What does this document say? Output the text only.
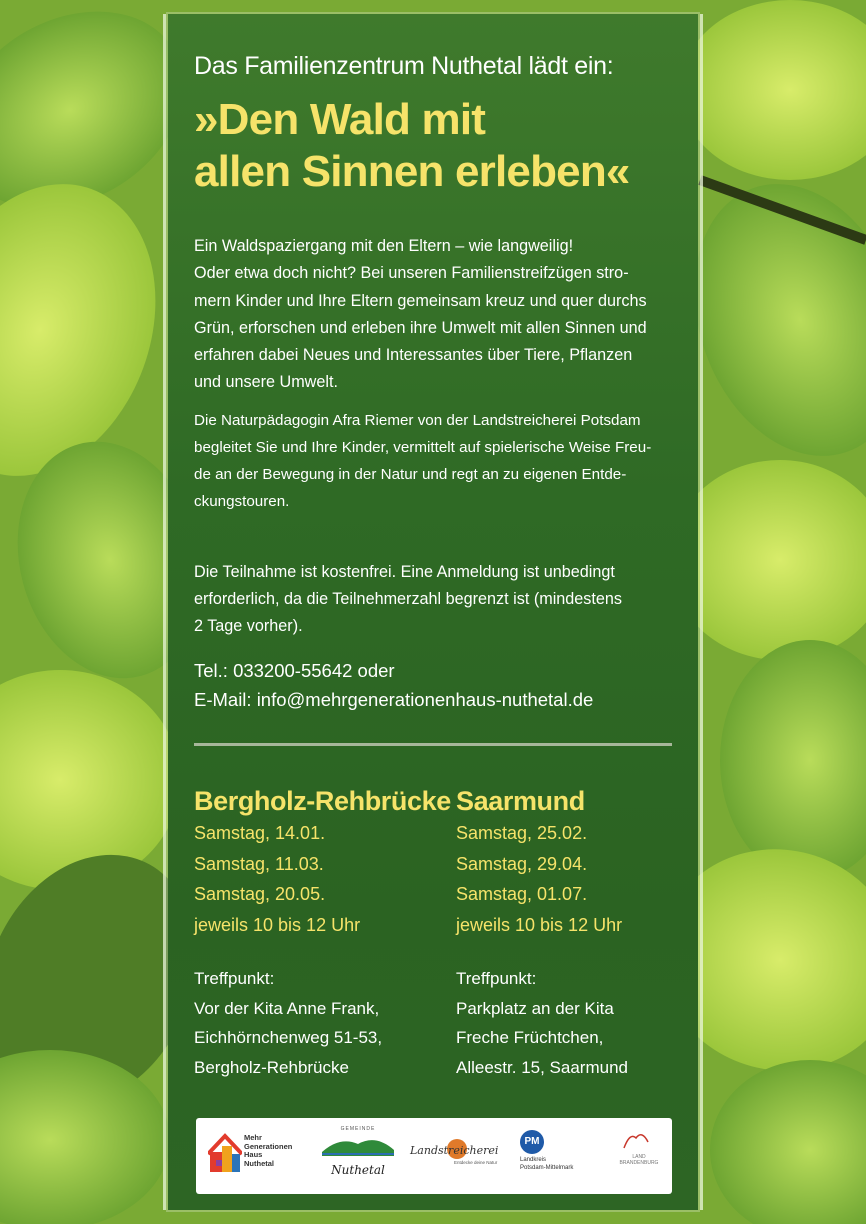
Das Familienzentrum Nuthetal lädt ein:
»Den Wald mit
allen Sinnen erleben«
Ein Waldspaziergang mit den Eltern – wie langweilig!
Oder etwa doch nicht? Bei unseren Familienstreifzügen stro-
mern Kinder und Ihre Eltern gemeinsam kreuz und quer durchs
Grün, erforschen und erleben ihre Umwelt mit allen Sinnen und
erfahren dabei Neues und Interessantes über Tiere, Pflanzen
und unsere Umwelt.
Die Naturpädagogin Afra Riemer von der Landstreicherei Potsdam
begleitet Sie und Ihre Kinder, vermittelt auf spielerische Weise Freu-
de an der Bewegung in der Natur und regt an zu eigenen Entde-
ckungstouren.
Die Teilnahme ist kostenfrei. Eine Anmeldung ist unbedingt
erforderlich, da die Teilnehmerzahl begrenzt ist (mindestens
2 Tage vorher).
Tel.: 033200-55642 oder
E-Mail: info@mehrgenerationenhaus-nuthetal.de
Bergholz-Rehbrücke
Samstag, 14.01.
Samstag, 11.03.
Samstag, 20.05.
jeweils 10 bis 12 Uhr
Saarmund
Samstag, 25.02.
Samstag, 29.04.
Samstag, 01.07.
jeweils 10 bis 12 Uhr
Treffpunkt:
Vor der Kita Anne Frank,
Eichhörnchenweg 51-53,
Bergholz-Rehbrücke
Treffpunkt:
Parkplatz an der Kita
Freche Früchtchen,
Alleestr. 15, Saarmund
Mehr
Generationen
Haus
Nuthetal
GEMEINDE
Nuthetal
Landstreicherei
Entdecke deine Natur
PM
Landkreis
Potsdam-Mittelmark
LAND
BRANDENBURG
